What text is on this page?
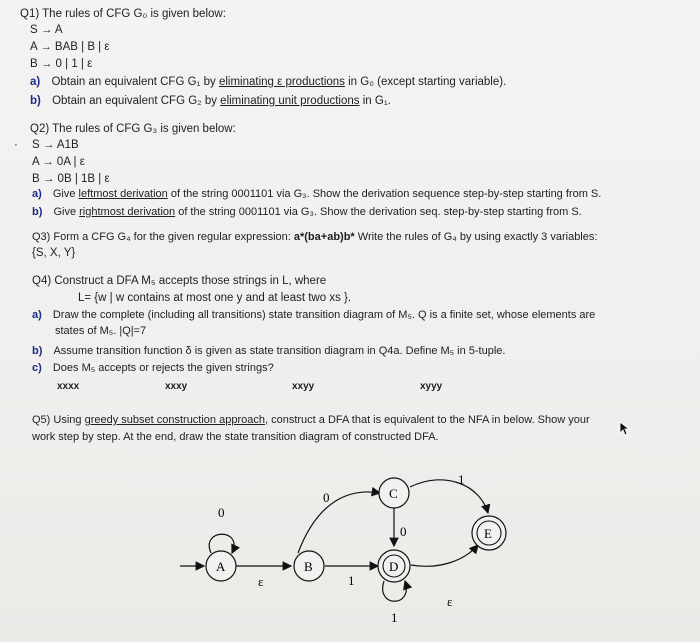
Q1) The rules of CFG G₀ is given below:
S → A
A → BAB | B | ε
B → 0 | 1 | ε
a) Obtain an equivalent CFG G₁ by eliminating ε productions in G₀ (except starting variable).
b) Obtain an equivalent CFG G₂ by eliminating unit productions in G₁.
Q2) The rules of CFG G₃ is given below:
· S → A1B
A → 0A | ε
B → 0B | 1B | ε
a) Give leftmost derivation of the string 0001101 via G₃. Show the derivation sequence step-by-step starting from S.
b) Give rightmost derivation of the string 0001101 via G₃. Show the derivation seq. step-by-step starting from S.
Q3) Form a CFG G₄ for the given regular expression: a*(ba+ab)b* Write the rules of G₄ by using exactly 3 variables:
{S, X, Y}
Q4) Construct a DFA M₅ accepts those strings in L, where
L= {w | w contains at most one y and at least two xs }.
a) Draw the complete (including all transitions) state transition diagram of M₅. Q is a finite set, whose elements are
states of M₅. |Q|=7
b) Assume transition function δ is given as state transition diagram in Q4a. Define M₅ in 5-tuple.
c) Does M₅ accepts or rejects the given strings?
xxxx	xxxy	xxyy	xyyy
Q5) Using greedy subset construction approach, construct a DFA that is equivalent to the NFA in below. Show your
work step by step. At the end, draw the state transition diagram of constructed DFA.
0
ε
0
1
1
0
ε
1
A	B
C
D
E
